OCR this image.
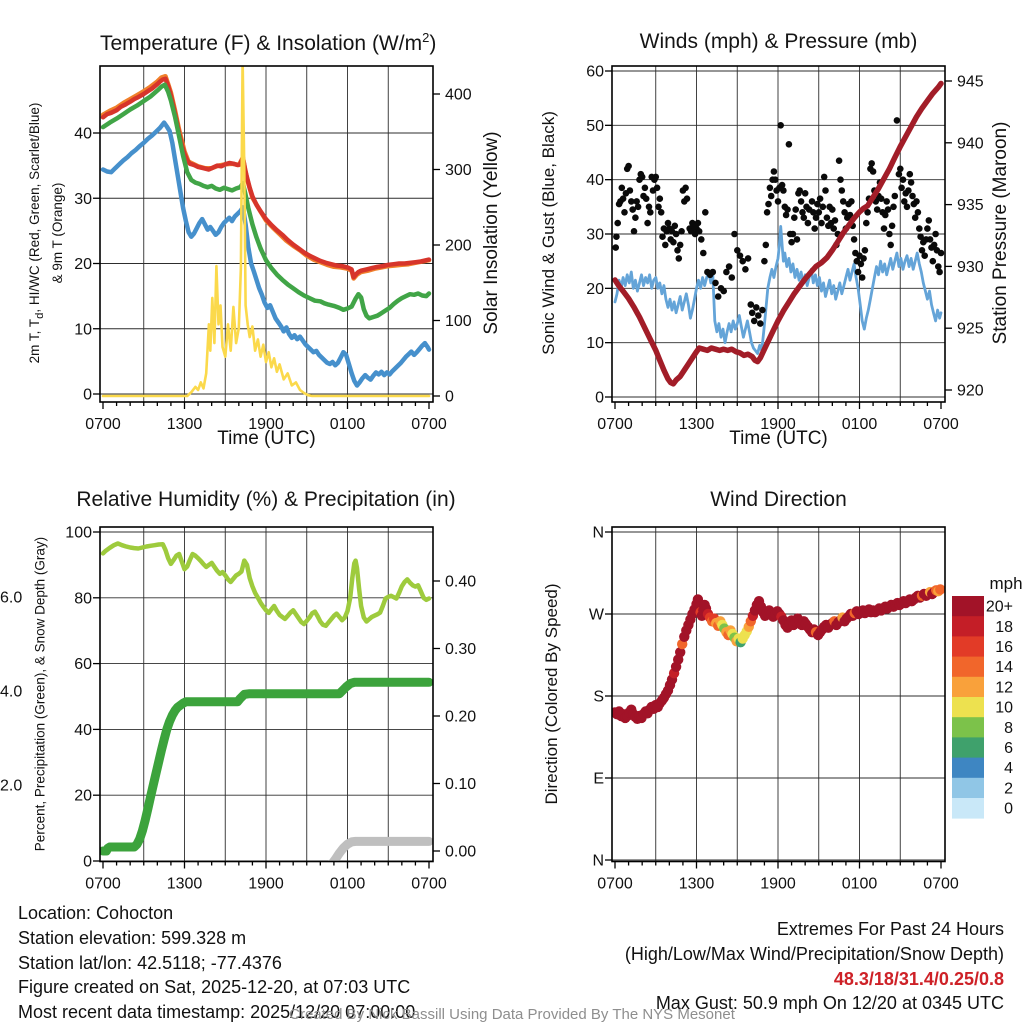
0700	1300	1900	0100	0700
0
10
20
30
40
0
100
200
300
400
0700	1300	1900	0100	0700
0
10
20
30
40
50
60
920
925
930
935
940
945
0700	1300	1900	0100	0700
0
20
40
60
80
100
0.00
0.10
0.20
0.30
0.40
2.0
4.0
6.0
0700	1300	1900	0100	0700
N
W
S
E
N
mph
20+
18
16
14
12
10
8
6
4
2
0
Temperature (F) & Insolation $(W/m^2)$	Winds (mph) & Pressure (mb)
Relative Humidity (%) & Precipitation (in)	Wind Direction
Time (UTC)	Time (UTC)
2m T, $T_d$, HI/WC (Red, Green, Scarlet/Blue) & 9m T (Orange)	Solar Insolation (Yellow) Sonic Wind & Gust (Blue, Black)	Station Pressure (Maroon)
Percent, Precipitation (Green), & Snow Depth (Gray)	Direction (Colored By Speed)
Location: Cohocton
Station elevation: 599.328 m
Station lat/lon: 42.5118; -77.4376
Figure created on Sat, 2025-12-20, at 07:03 UTC
Most recent data timestamp: 2025/12/20 07:00:00
Extremes For Past 24 Hours
(High/Low/Max Wind/Precipitation/Snow Depth)
48.3/18/31.4/0.25/0.8
Max Gust: 50.9 mph On 12/20 at 0345 UTC
Created By Nick Bassill Using Data Provided By The NYS Mesonet
